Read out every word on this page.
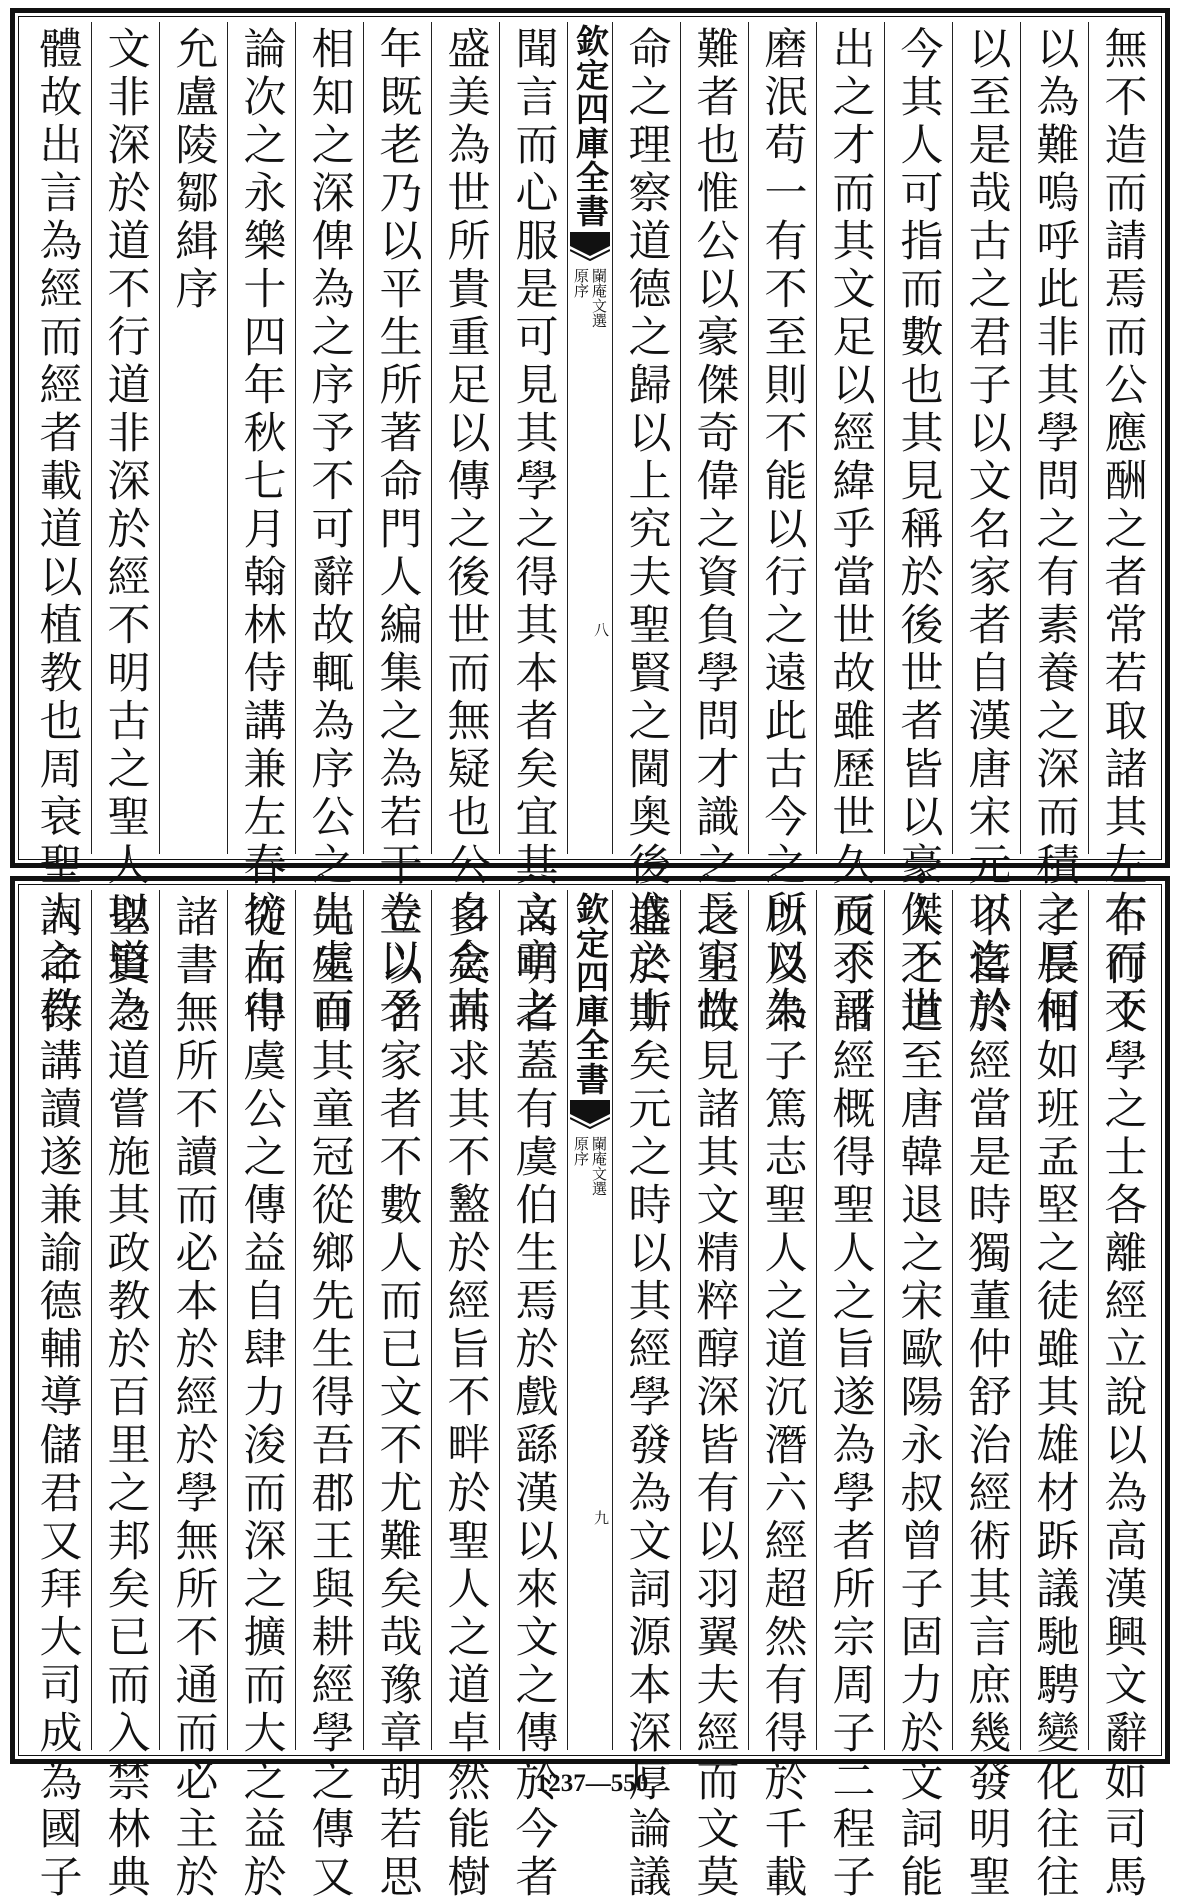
無不造而請焉而公應酬之者常若取諸其左右而不
以為難嗚呼此非其學問之有素養之深而積之厚何
以至是哉古之君子以文名家者自漢唐宋元以迄於
今其人可指而數也其見稱於後世者皆以豪傑不世
出之才而其文足以經緯乎當世故雖歷世久而不可
磨泯苟一有不至則不能以行之遠此古今之所以為
難者也惟公以豪傑奇偉之資負學問才識之長窮性
命之理察道德之歸以上究夫聖賢之閫奥後進之士
欽定四庫全書
䦨庵文選
原序
八
聞言而心服是可見其學之得其本者矣宜其文章之
盛美為世所貴重足以傳之後世而無疑也公自念其
年既老乃以平生所著命門人編集之為若干卷以予
相知之深俾為之序予不可辭故輒為序公之出處而
論次之永樂十四年秋七月翰林侍講兼左春坊左中
允盧陵鄒緝序
文非深於道不行道非深於經不明古之聖人以道為
體故出言為經而經者載道以植教也周衰聖人之教
不行文學之士各離經立說以為高漢興文辭如司馬
子長相如班孟堅之徒雖其雄材跅議馳騁變化往往
不當於經當是時獨董仲舒治經術其言庶幾發明聖
人之道至唐韓退之宋歐陽永叔曾子固力於文詞能
反求諸經概得聖人之旨遂為學者所宗周子二程子
以及朱子篤志聖人之道沉潛六經超然有得於千載
之上故見諸其文精粹醇深皆有以羽翼夫經而文莫
盛於斯矣元之時以其經學發為文詞源本深厚論議
欽定四庫全書
䦨庵文選
原序
九
高明者蓋有虞伯生焉於戲繇漢以來文之傳於今者
多矣而求其不盭於經旨不畔於聖人之道卓然能樹
立以名家者不數人而已文不尤難矣哉豫章胡若思
先生自其童冠從鄉先生得吾郡王與耕經學之傳又
從而得虞公之傳益自肆力浚而深之擴而大之益於
諸書無所不讀而必本於經於學無所不通而必主於
聖賢之道嘗施其政教於百里之邦矣已而入禁林典
詞命侍講讀遂兼諭德輔導儲君又拜大司成為國子	1237—550
